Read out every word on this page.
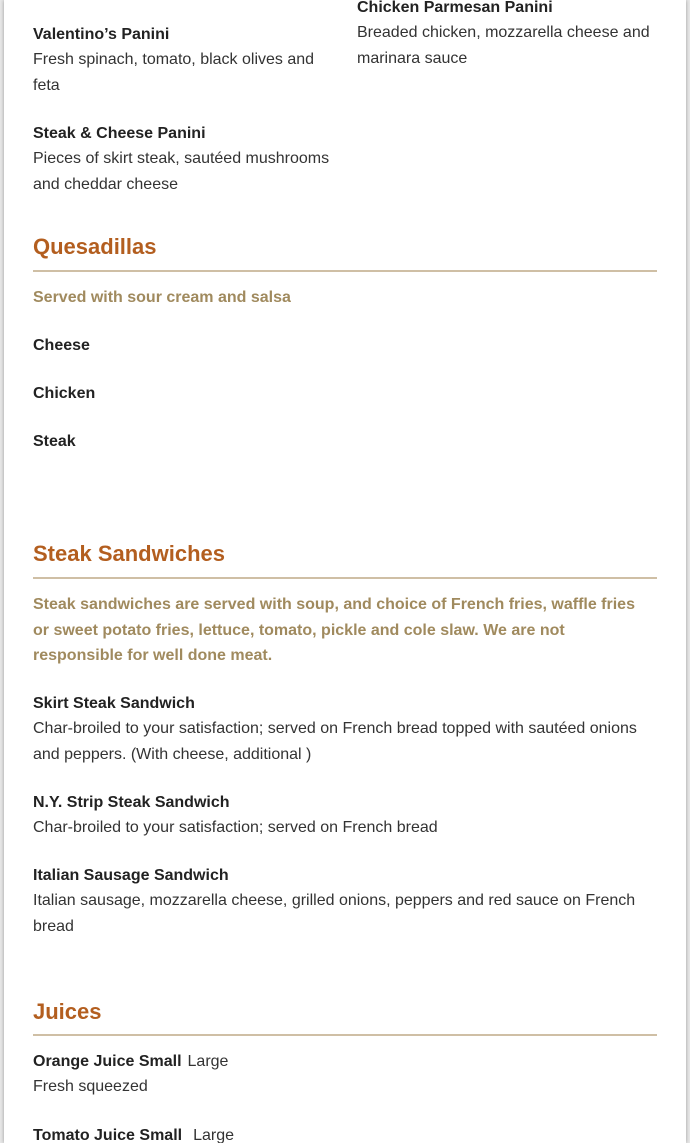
Valentino’s Panini
Fresh spinach, tomato, black olives and feta
Chicken Parmesan Panini
Breaded chicken, mozzarella cheese and marinara sauce
Steak & Cheese Panini
Pieces of skirt steak, sautéed mushrooms and cheddar cheese
Quesadillas
Served with sour cream and salsa
Cheese
Chicken
Steak
Steak Sandwiches
Steak sandwiches are served with soup, and choice of French fries, waffle fries or sweet potato fries, lettuce, tomato, pickle and cole slaw. We are not responsible for well done meat.
Skirt Steak Sandwich
Char-broiled to your satisfaction; served on French bread topped with sautéed onions and peppers. (With cheese, additional )
N.Y. Strip Steak Sandwich
Char-broiled to your satisfaction; served on French bread
Italian Sausage Sandwich
Italian sausage, mozzarella cheese, grilled onions, peppers and red sauce on French bread
Juices
Orange Juice Small Large
Fresh squeezed
Tomato Juice Small Large
